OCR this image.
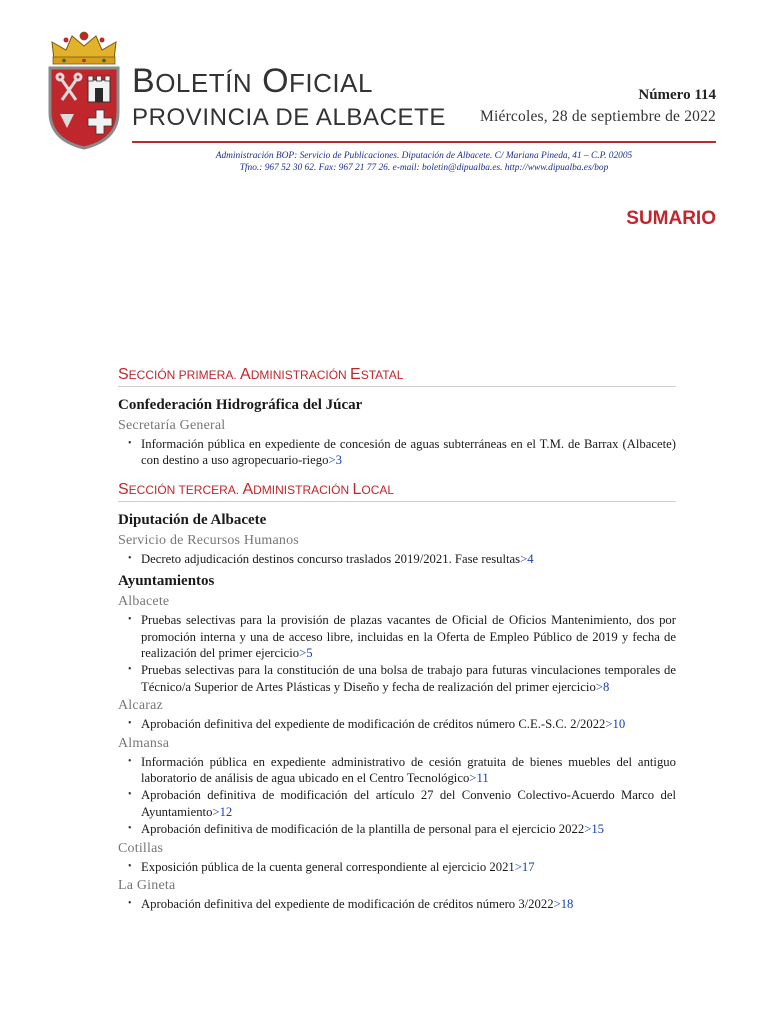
BOLETÍN OFICIAL
PROVINCIA DE ALBACETE
Número 114
Miércoles, 28 de septiembre de 2022
Administración BOP: Servicio de Publicaciones. Diputación de Albacete. C/ Mariana Pineda, 41 – C.P. 02005
Tfno.: 967 52 30 62. Fax: 967 21 77 26. e-mail: boletin@dipualba.es. http://www.dipualba.es/bop
SUMARIO
SECCIÓN PRIMERA. ADMINISTRACIÓN ESTATAL
Confederación Hidrográfica del Júcar
Secretaría General
• Información pública en expediente de concesión de aguas subterráneas en el T.M. de Barrax (Albacete) con destino a uso agropecuario-riego>3
SECCIÓN TERCERA. ADMINISTRACIÓN LOCAL
Diputación de Albacete
Servicio de Recursos Humanos
• Decreto adjudicación destinos concurso traslados 2019/2021. Fase resultas>4
Ayuntamientos
Albacete
• Pruebas selectivas para la provisión de plazas vacantes de Oficial de Oficios Mantenimiento, dos por promoción interna y una de acceso libre, incluidas en la Oferta de Empleo Público de 2019 y fecha de realización del primer ejercicio>5
• Pruebas selectivas para la constitución de una bolsa de trabajo para futuras vinculaciones temporales de Técnico/a Superior de Artes Plásticas y Diseño y fecha de realización del primer ejercicio>8
Alcaraz
• Aprobación definitiva del expediente de modificación de créditos número C.E.-S.C. 2/2022>10
Almansa
• Información pública en expediente administrativo de cesión gratuita de bienes muebles del antiguo laboratorio de análisis de agua ubicado en el Centro Tecnológico>11
• Aprobación definitiva de modificación del artículo 27 del Convenio Colectivo-Acuerdo Marco del Ayuntamiento>12
• Aprobación definitiva de modificación de la plantilla de personal para el ejercicio 2022>15
Cotillas
• Exposición pública de la cuenta general correspondiente al ejercicio 2021>17
La Gineta
• Aprobación definitiva del expediente de modificación de créditos número 3/2022>18
